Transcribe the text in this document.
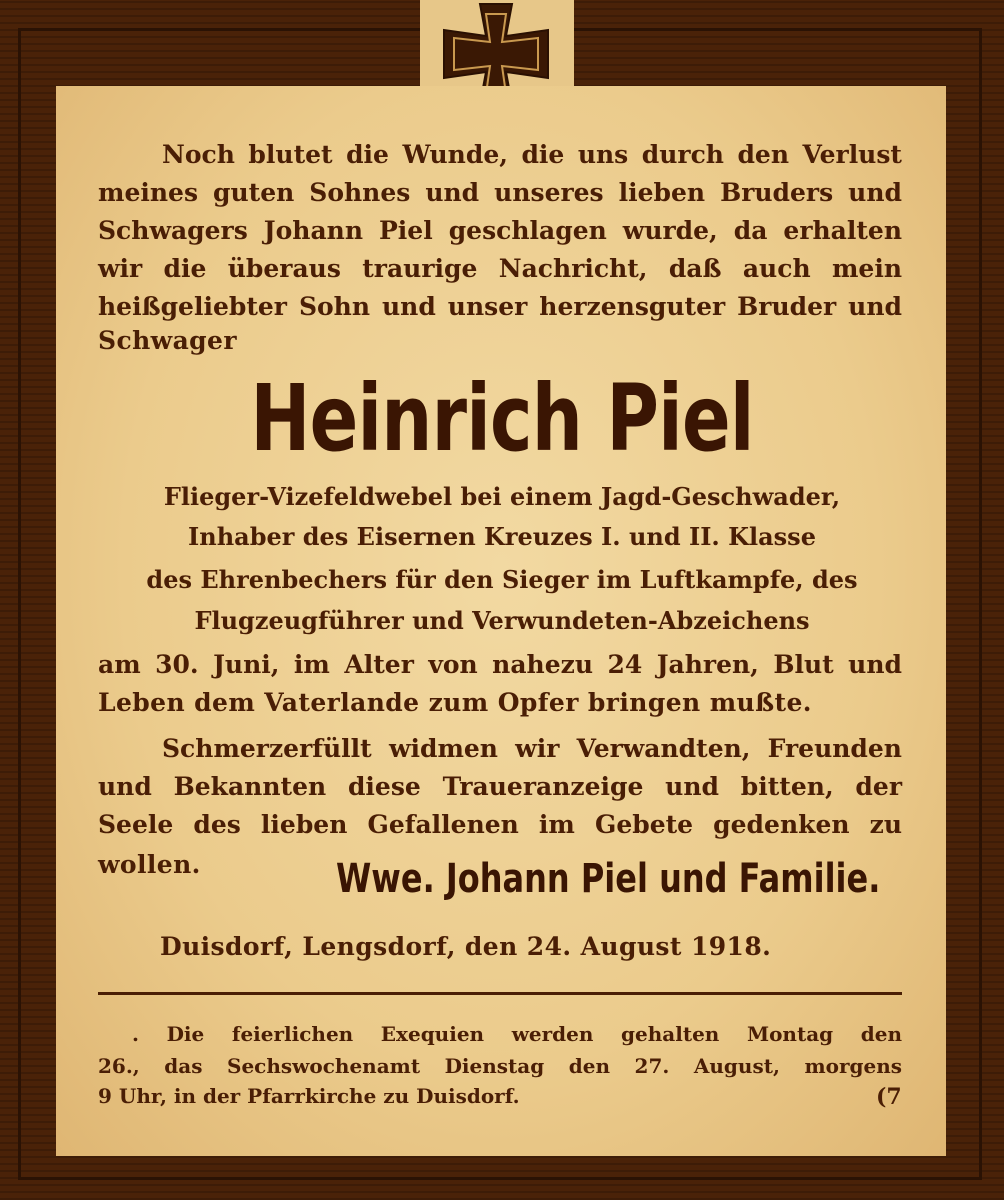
Noch blutet die Wunde, die uns durch den Verlust
meines guten Sohnes und unseres lieben Bruders und
Schwagers Johann Piel geschlagen wurde, da erhalten
wir die überaus traurige Nachricht, daß auch mein
heißgeliebter Sohn und unser herzensguter Bruder und

Schwager

Heinrich Piel
Flieger-Vizefeldwebel bei einem Jagd-Geschwader,
Inhaber des Eisernen Kreuzes I. und II. Klasse
des Ehrenbechers für den Sieger im Luftkampfe, des
Flugzeugführer und Verwundeten-Abzeichens
am 30. Juni, im Alter von nahezu 24 Jahren, Blut und

Leben dem Vaterlande zum Opfer bringen mußte.

Schmerzerfüllt widmen wir Verwandten, Freunden
und Bekannten diese Traueranzeige und bitten, der
Seele des lieben Gefallenen im Gebete gedenken zu

wollen.	Wwe. Johann Piel und Familie.

Duisdorf, Lengsdorf, den 24. August 1918.

. Die feierlichen Exequien werden gehalten Montag den
26., das Sechswochenamt Dienstag den 27. August, morgens

9 Uhr, in der Pfarrkirche zu Duisdorf.	(7
